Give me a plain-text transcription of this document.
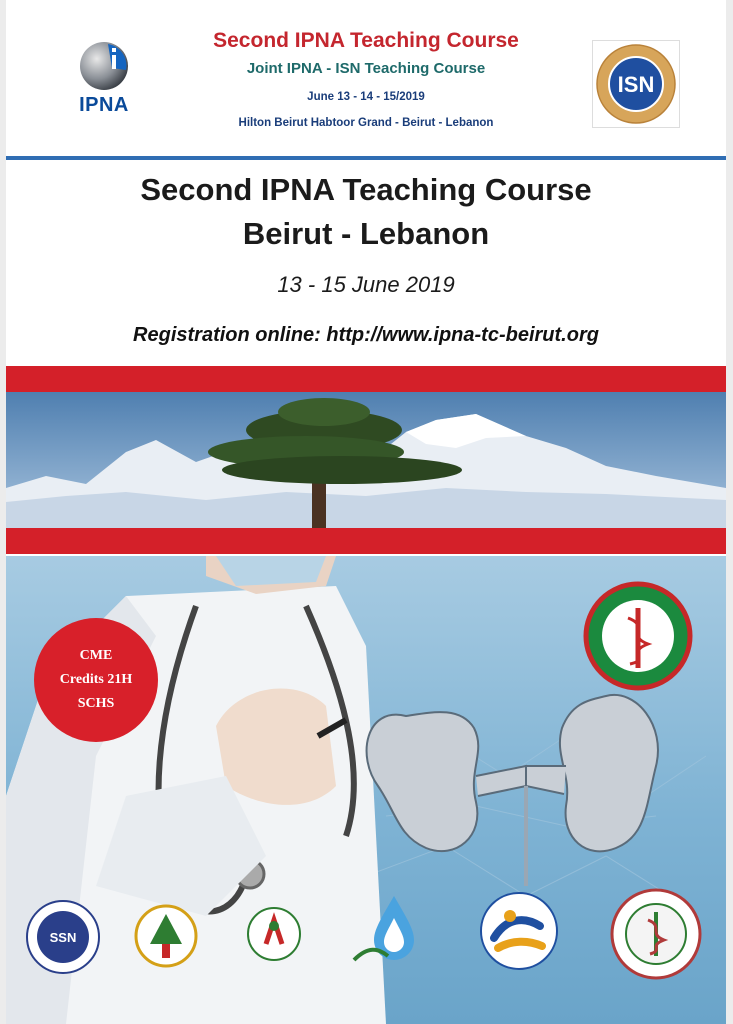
IPNA
Second IPNA Teaching Course
Joint IPNA - ISN Teaching Course
June 13 - 14 - 15/2019
Hilton Beirut Habtoor Grand - Beirut - Lebanon
ISN
Second IPNA Teaching Course
Beirut - Lebanon
13 - 15 June 2019
Registration online: http://www.ipna-tc-beirut.org
CME
Credits 21H
SCHS
SSN
